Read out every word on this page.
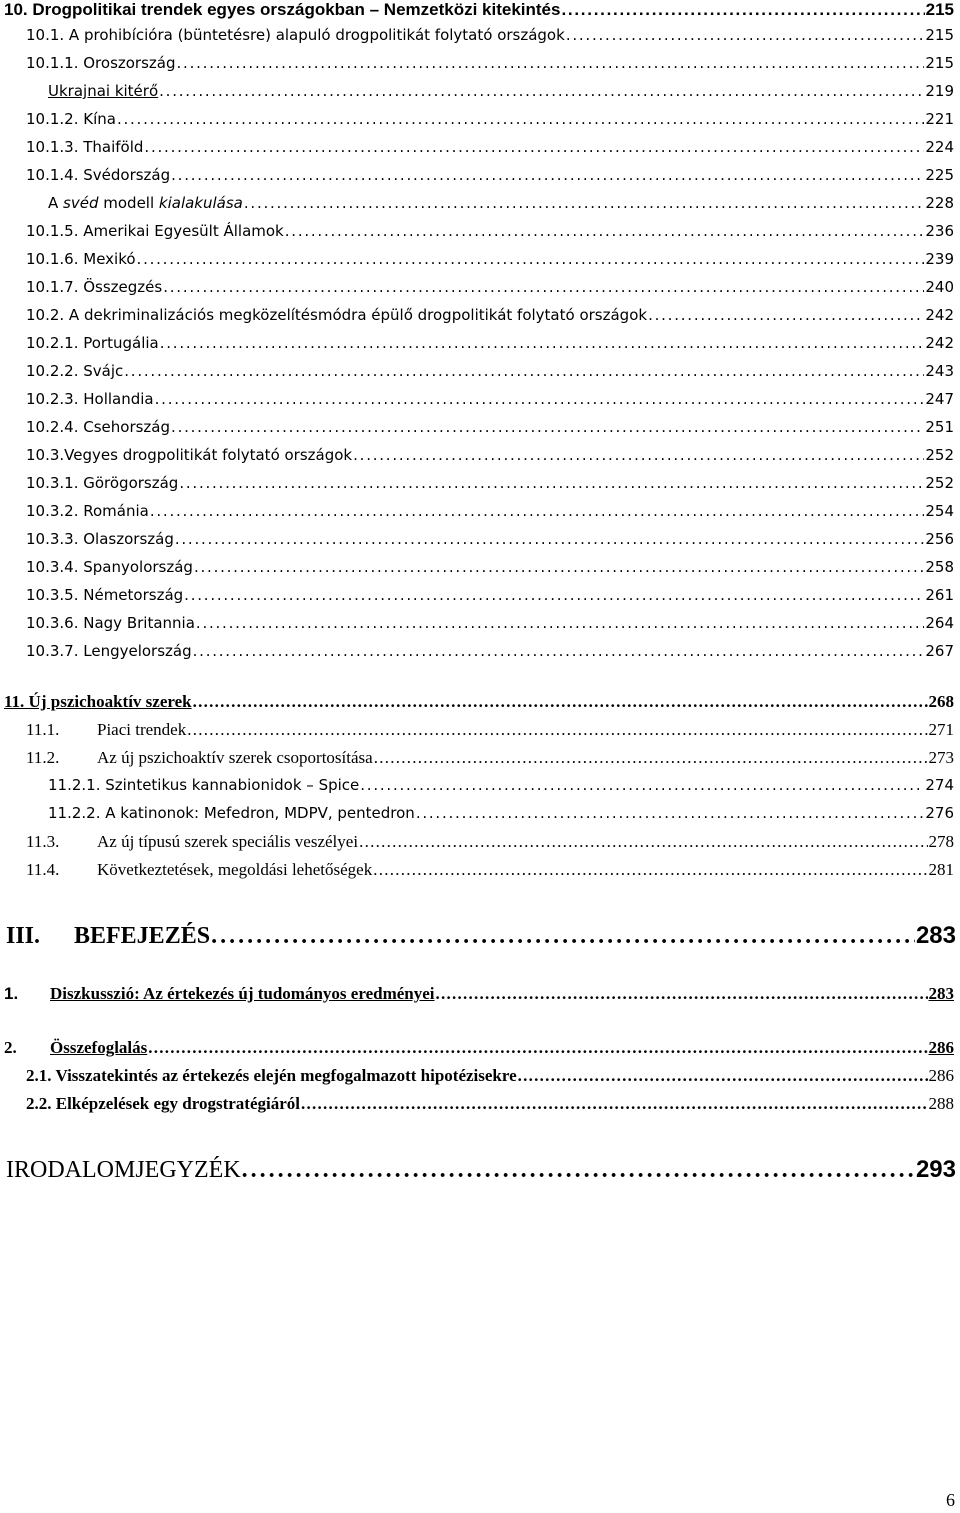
10. Drogpolitikai trendek egyes országokban – Nemzetközi kitekintés . . .	215
10.1. A prohibícióra (büntetésre) alapuló drogpolitikát folytató országok . . .	215
10.1.1. Oroszország . . .	215
Ukrajnai kitérő . . .	219
10.1.2. Kína . . .	221
10.1.3. Thaiföld . . .	224
10.1.4. Svédország . . .	225
A svéd modell kialakulása . . .	228
10.1.5. Amerikai Egyesült Államok . . .	236
10.1.6. Mexikó . . .	239
10.1.7. Összegzés . . .	240
10.2. A dekriminalizációs megközelítésmódra épülő drogpolitikát folytató országok . . .	242
10.2.1. Portugália . . .	242
10.2.2. Svájc . . .	243
10.2.3. Hollandia . . .	247
10.2.4. Csehország . . .	251
10.3.Vegyes drogpolitikát folytató országok . . .	252
10.3.1. Görögország . . .	252
10.3.2. Románia . . .	254
10.3.3. Olaszország . . .	256
10.3.4. Spanyolország . . .	258
10.3.5. Németország . . .	261
10.3.6. Nagy Britannia . . .	264
10.3.7. Lengyelország . . .	267
11. Új pszichoaktív szerek . . .	268
11.1. Piaci trendek . . .	271
11.2. Az új pszichoaktív szerek csoportosítása . . .	273
11.2.1. Szintetikus kannabionidok – Spice . . .	274
11.2.2. A katinonok: Mefedron, MDPV, pentedron . . .	276
11.3. Az új típusú szerek speciális veszélyei . . .	278
11.4. Következtetések, megoldási lehetőségek . . .	281
III. BEFEJEZÉS . . .	283
1. Diszkusszió: Az értekezés új tudományos eredményei . . .	283
2. Összefoglalás . . .	286
2.1. Visszatekintés az értekezés elején megfogalmazott hipotézisekre . . .	286
2.2. Elképzelések egy drogstratégiáról . . .	288
IRODALOMJEGYZÉK . . .	293
6
